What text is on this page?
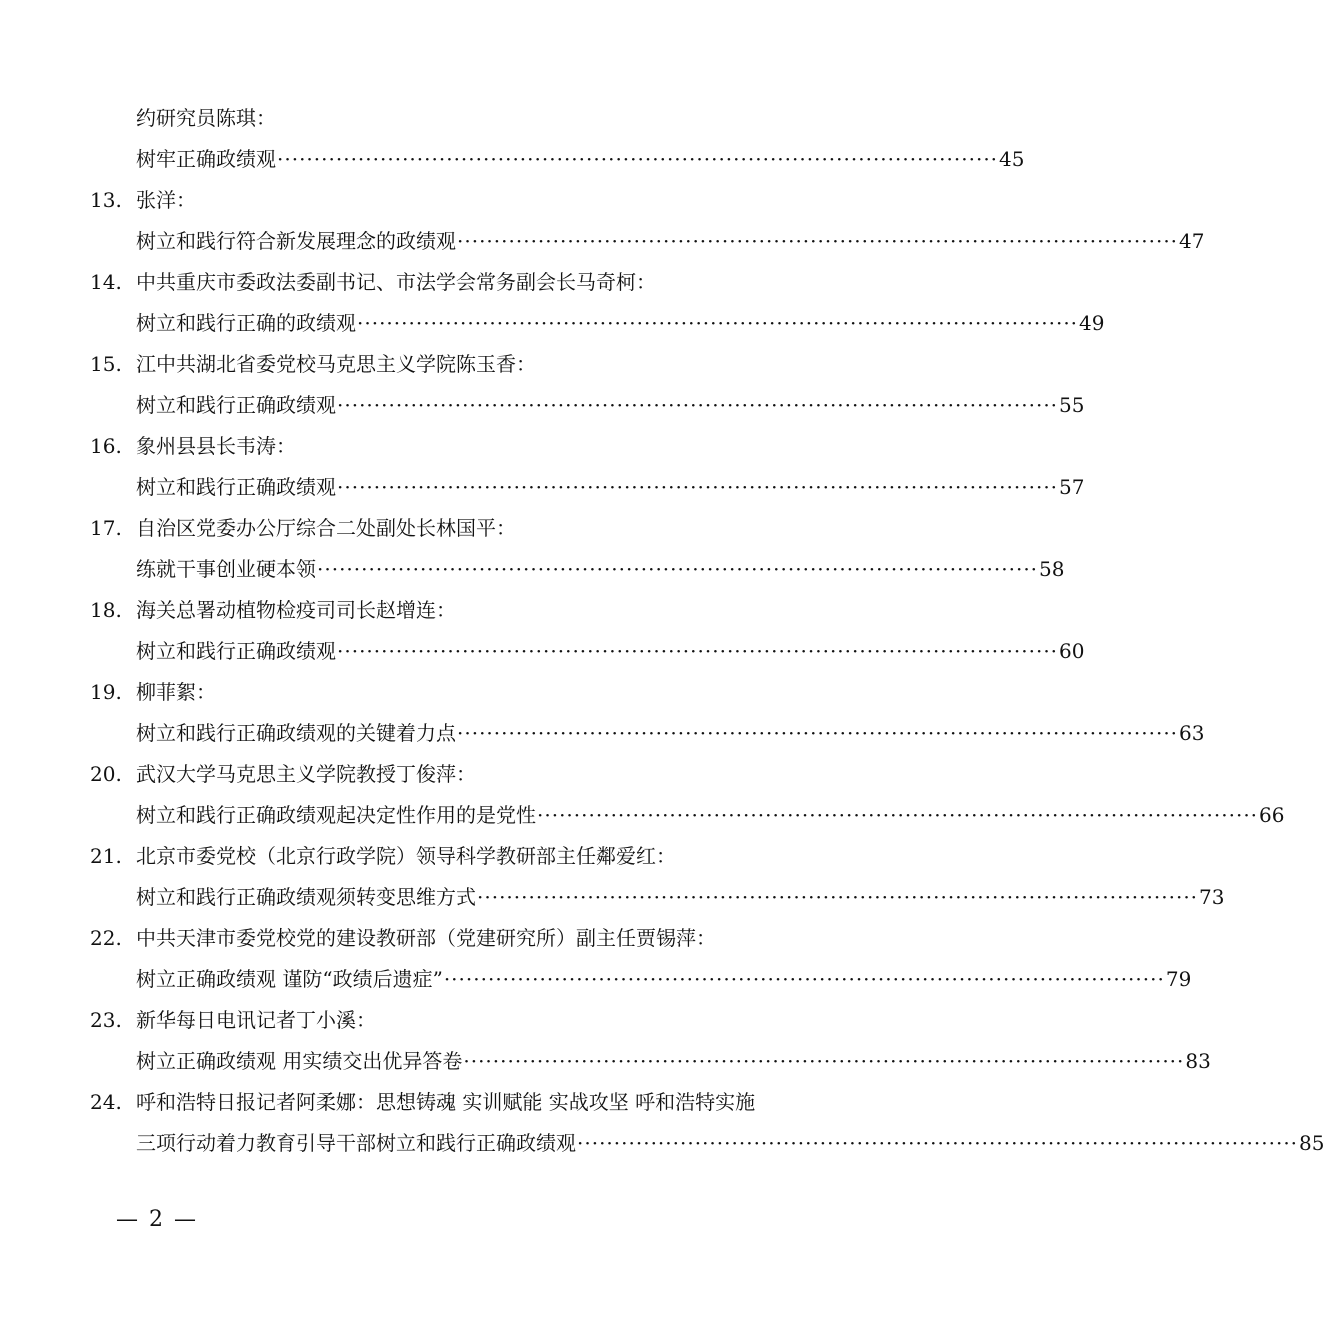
约研究员陈琪：
树牢正确政绩观 ·································································································· 45
13. 张洋：
树立和践行符合新发展理念的政绩观 ·································································································· 47
14. 中共重庆市委政法委副书记、市法学会常务副会长马奇柯：
树立和践行正确的政绩观 ·································································································· 49
15. 江中共湖北省委党校马克思主义学院陈玉香：
树立和践行正确政绩观 ·································································································· 55
16. 象州县县长韦涛：
树立和践行正确政绩观 ·································································································· 57
17. 自治区党委办公厅综合二处副处长林国平：
练就干事创业硬本领 ·································································································· 58
18. 海关总署动植物检疫司司长赵增连：
树立和践行正确政绩观 ·································································································· 60
19. 柳菲絮：
树立和践行正确政绩观的关键着力点 ·································································································· 63
20. 武汉大学马克思主义学院教授丁俊萍：
树立和践行正确政绩观起决定性作用的是党性 ·································································································· 66
21. 北京市委党校（北京行政学院）领导科学教研部主任鄰爱红：
树立和践行正确政绩观须转变思维方式 ·································································································· 73
22. 中共天津市委党校党的建设教研部（党建研究所）副主任贾锡萍：
树立正确政绩观 谨防“政绩后遗症” ·································································································· 79
23. 新华每日电讯记者丁小溪：
树立正确政绩观 用实绩交出优异答卷 ·································································································· 83
24. 呼和浩特日报记者阿柔娜：思想铸魂 实训赋能 实战攻坚 呼和浩特实施
三项行动着力教育引导干部树立和践行正确政绩观 ·································································································· 85
— 2 —
